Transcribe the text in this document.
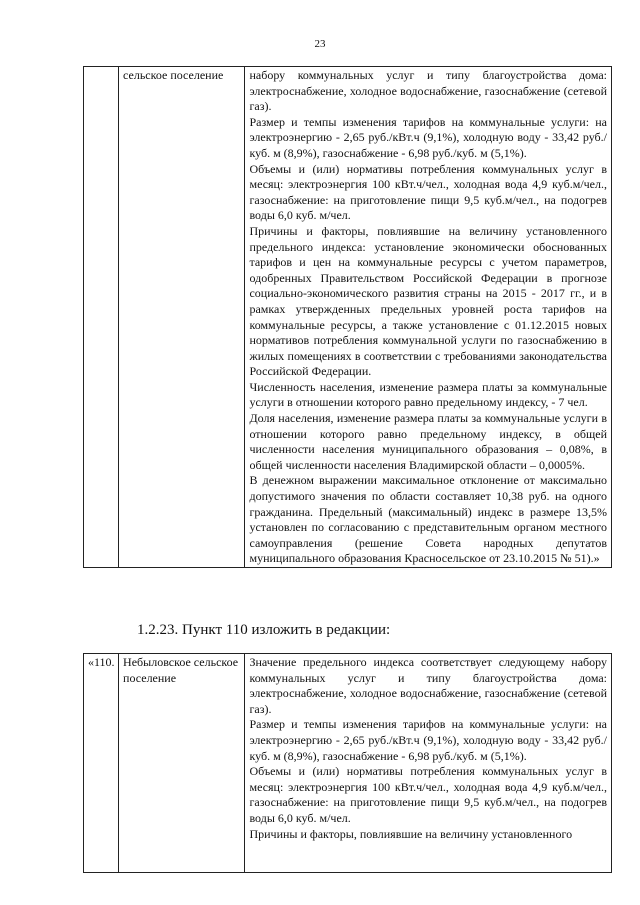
23
	сельское поселение	набору коммунальных услуг и типу благоустройства дома: электроснабжение, холодное водоснабжение, газоснабжение (сетевой газ).

Размер и темпы изменения тарифов на коммунальные услуги: на электроэнергию - 2,65 руб./кВт.ч (9,1%), холодную воду - 33,42 руб./куб. м (8,9%), газоснабжение - 6,98 руб./куб. м (5,1%).

Объемы и (или) нормативы потребления коммунальных услуг в месяц: электроэнергия 100 кВт.ч/чел., холодная вода 4,9 куб.м/чел., газоснабжение: на приготовление пищи 9,5 куб.м/чел., на подогрев воды 6,0 куб. м/чел.

Причины и факторы, повлиявшие на величину установленного предельного индекса: установление экономически обоснованных тарифов и цен на коммунальные ресурсы с учетом параметров, одобренных Правительством Российской Федерации в прогнозе социально-экономического развития страны на 2015 - 2017 гг., и в рамках утвержденных предельных уровней роста тарифов на коммунальные ресурсы, а также установление с 01.12.2015 новых нормативов потребления коммунальной услуги по газоснабжению в жилых помещениях в соответствии с требованиями законодательства Российской Федерации.

Численность населения, изменение размера платы за коммунальные услуги в отношении которого равно предельному индексу, - 7 чел.

Доля населения, изменение размера платы за коммунальные услуги в отношении которого равно предельному индексу, в общей численности населения муниципального образования – 0,08%, в общей численности населения Владимирской области – 0,0005%.

В денежном выражении максимальное отклонение от максимально допустимого значения по области составляет 10,38 руб. на одного гражданина. Предельный (максимальный) индекс в размере 13,5% установлен по согласованию с представительным органом местного самоуправления (решение Совета народных депутатов муниципального образования Красносельское от 23.10.2015 № 51).»

1.2.23. Пункт 110 изложить в редакции:
«110.	Небыловское сельское поселение	

Значение предельного индекса соответствует следующему набору коммунальных услуг и типу благоустройства дома: электроснабжение, холодное водоснабжение, газоснабжение (сетевой газ).

Размер и темпы изменения тарифов на коммунальные услуги: на электроэнергию - 2,65 руб./кВт.ч (9,1%), холодную воду - 33,42 руб./куб. м (8,9%), газоснабжение - 6,98 руб./куб. м (5,1%).

Объемы и (или) нормативы потребления коммунальных услуг в месяц: электроэнергия 100 кВт.ч/чел., холодная вода 4,9 куб.м/чел., газоснабжение: на приготовление пищи 9,5 куб.м/чел., на подогрев воды 6,0 куб. м/чел.

Причины и факторы, повлиявшие на величину установленного
